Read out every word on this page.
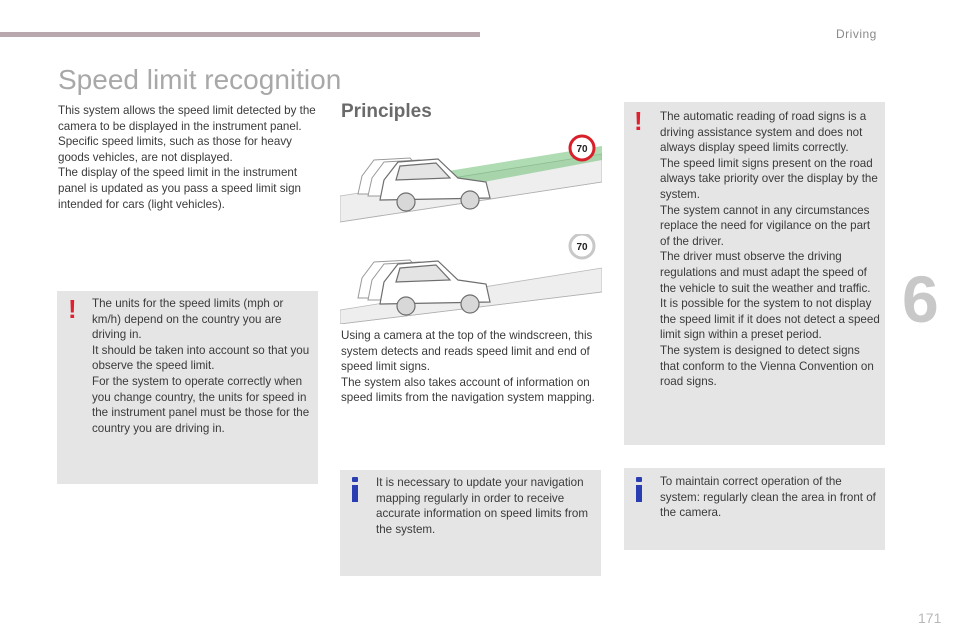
Driving
6
Speed limit recognition

This system allows the speed limit detected by the camera to be displayed in the instrument panel.

Specific speed limits, such as those for heavy goods vehicles, are not displayed.

The display of the speed limit in the instrument panel is updated as you pass a speed limit sign intended for cars (light vehicles).

! The units for the speed limits (mph or km/h) depend on the country you are driving in.

It should be taken into account so that you observe the speed limit.

For the system to operate correctly when you change country, the units for speed in the instrument panel must be those for the country you are driving in.

Principles
70
70

Using a camera at the top of the windscreen, this system detects and reads speed limit and end of speed limit signs.

The system also takes account of information on speed limits from the navigation system mapping.

It is necessary to update your navigation mapping regularly in order to receive accurate information on speed limits from the system.

! The automatic reading of road signs is a driving assistance system and does not always display speed limits correctly.

The speed limit signs present on the road always take priority over the display by the system.

The system cannot in any circumstances replace the need for vigilance on the part of the driver.

The driver must observe the driving regulations and must adapt the speed of the vehicle to suit the weather and traffic.

It is possible for the system to not display the speed limit if it does not detect a speed limit sign within a preset period.

The system is designed to detect signs that conform to the Vienna Convention on road signs.

To maintain correct operation of the system: regularly clean the area in front of the camera.

171
